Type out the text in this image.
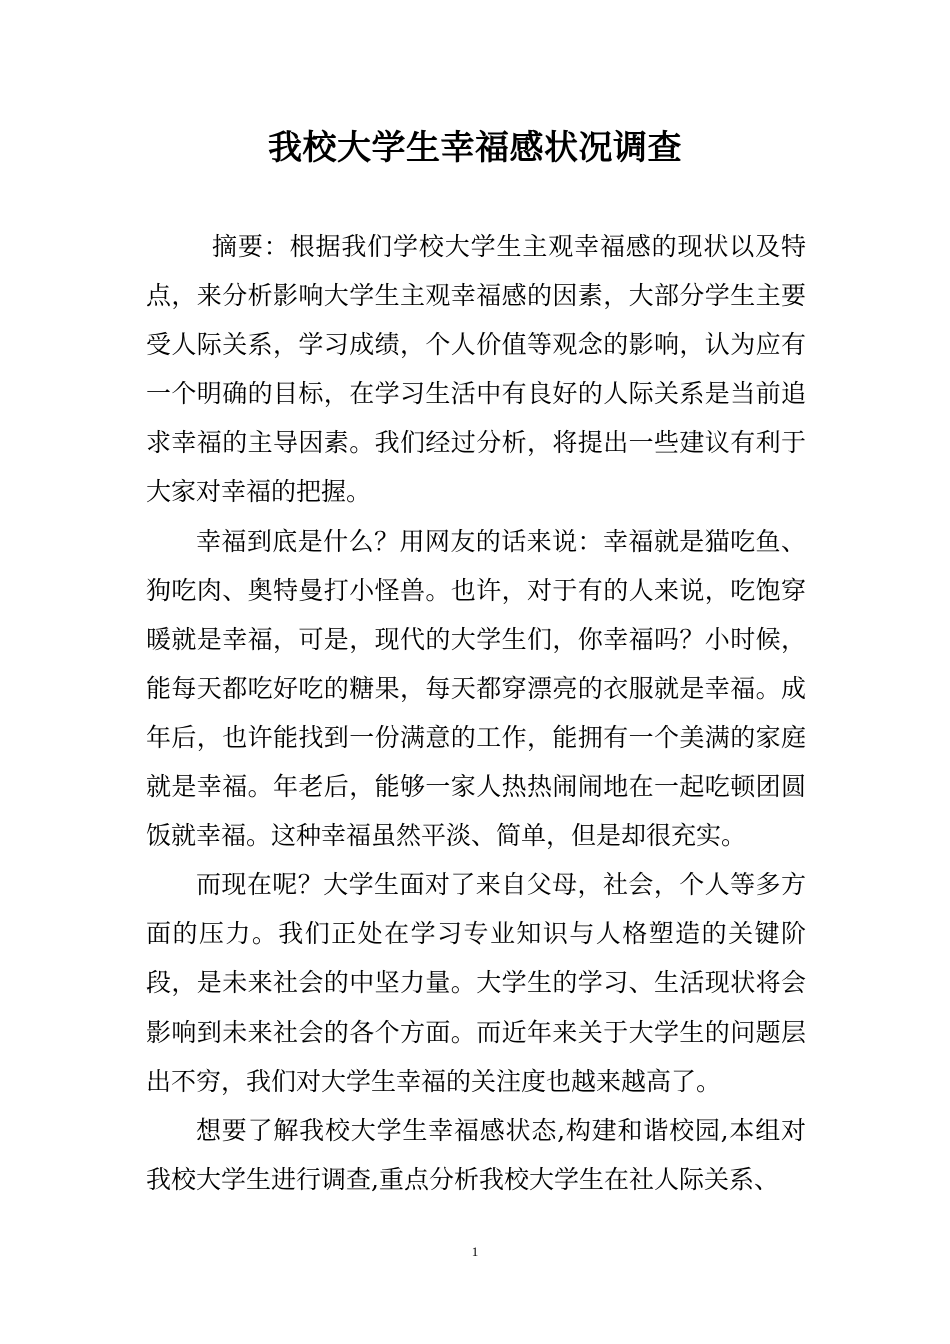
我校大学生幸福感状况调查

摘要：根据我们学校大学生主观幸福感的现状以及特点，来分析影响大学生主观幸福感的因素，大部分学生主要受人际关系，学习成绩，个人价值等观念的影响，认为应有一个明确的目标，在学习生活中有良好的人际关系是当前追求幸福的主导因素。我们经过分析，将提出一些建议有利于大家对幸福的把握。

幸福到底是什么？用网友的话来说：幸福就是猫吃鱼、狗吃肉、奥特曼打小怪兽。也许，对于有的人来说，吃饱穿暖就是幸福，可是，现代的大学生们，你幸福吗？小时候，能每天都吃好吃的糖果，每天都穿漂亮的衣服就是幸福。成年后，也许能找到一份满意的工作，能拥有一个美满的家庭就是幸福。年老后，能够一家人热热闹闹地在一起吃顿团圆饭就幸福。这种幸福虽然平淡、简单，但是却很充实。

而现在呢？大学生面对了来自父母，社会，个人等多方面的压力。我们正处在学习专业知识与人格塑造的关键阶段，是未来社会的中坚力量。大学生的学习、生活现状将会影响到未来社会的各个方面。而近年来关于大学生的问题层出不穷，我们对大学生幸福的关注度也越来越高了。

想要了解我校大学生幸福感状态,构建和谐校园,本组对我校大学生进行调查,重点分析我校大学生在社人际关系、

1
